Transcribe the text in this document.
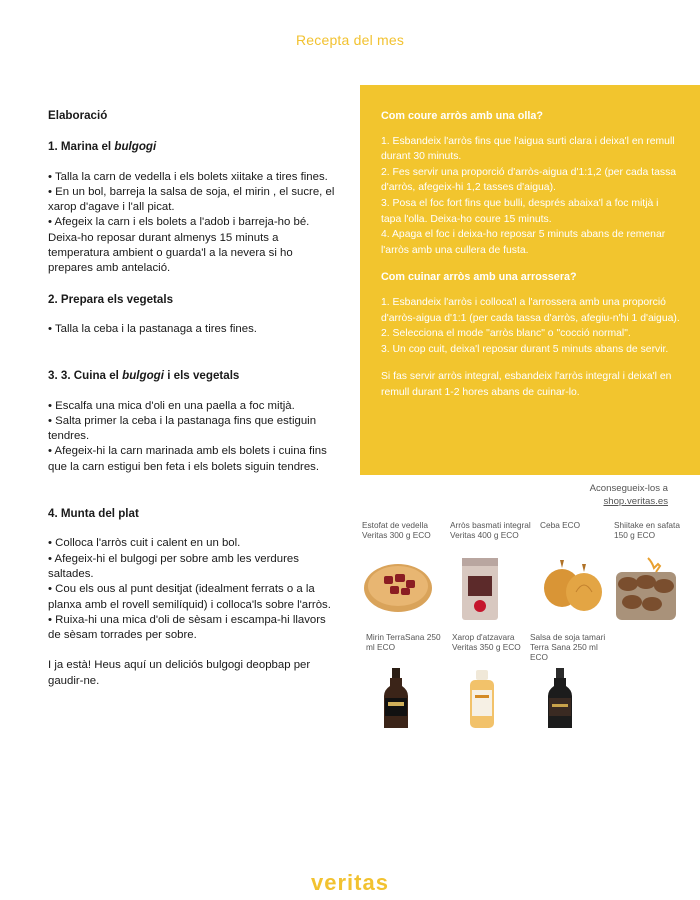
Recepta del mes
Elaboració
1. Marina el bulgogi

• Talla la carn de vedella i els bolets xiitake a tires fines.

• En un bol, barreja la salsa de soja, el mirin , el sucre, el xarop d'agave i l'all picat.

• Afegeix la carn i els bolets a l'adob i barreja-ho bé. Deixa-ho reposar durant almenys 15 minuts a temperatura ambient o guarda'l a la nevera si ho prepares amb antelació.

2. Prepara els vegetals

• Talla la ceba i la pastanaga a tires fines.

3. 3. Cuina el bulgogi i els vegetals

• Escalfa una mica d'oli en una paella a foc mitjà.

• Salta primer la ceba i la pastanaga fins que estiguin tendres.

• Afegeix-hi la carn marinada amb els bolets i cuina fins que la carn estigui ben feta i els bolets siguin tendres.

4. Munta del plat

• Colloca l'arròs cuit i calent en un bol.

• Afegeix-hi el bulgogi per sobre amb les verdures saltades.

• Cou els ous al punt desitjat (idealment ferrats o a la planxa amb el rovell semilíquid) i colloca'ls sobre l'arròs.

• Ruixa-hi una mica d'oli de sèsam i escampa-hi llavors de sèsam torrades per sobre.

I ja està! Heus aquí un deliciós bulgogi deopbap per gaudir-ne.

Com coure arròs amb una olla?
1. Esbandeix l'arròs fins que l'aigua surti clara i deixa'l en remull durant 30 minuts.
2. Fes servir una proporció d'arròs-aigua d'1:1,2 (per cada tassa d'arròs, afegeix-hi 1,2 tasses d'aigua).
3. Posa el foc fort fins que bulli, després abaixa'l a foc mitjà i tapa l'olla. Deixa-ho coure 15 minuts.
4. Apaga el foc i deixa-ho reposar 5 minuts abans de remenar l'arròs amb una cullera de fusta.
Com cuinar arròs amb una arrossera?
1. Esbandeix l'arròs i colloca'l a l'arrossera amb una proporció d'arròs-aigua d'1:1 (per cada tassa d'arròs, afegiu-n'hi 1 d'aigua).
2. Selecciona el mode "arròs blanc" o "cocció normal".
3. Un cop cuit, deixa'l reposar durant 5 minuts abans de servir.
Si fas servir arròs integral, esbandeix l'arròs integral i deixa'l en remull durant 1-2 hores abans de cuinar-lo.
Aconsegueix-los a
shop.veritas.es
Estofat de vedella Veritas 300 g ECO
Arròs basmati integral Veritas 400 g ECO
Ceba ECO	Shiitake en safata 150 g ECO
Mirin TerraSana 250 ml ECO
Xarop d'atzavara Veritas 350 g ECO
Salsa de soja tamari Terra Sana 250 ml ECO
veritas
